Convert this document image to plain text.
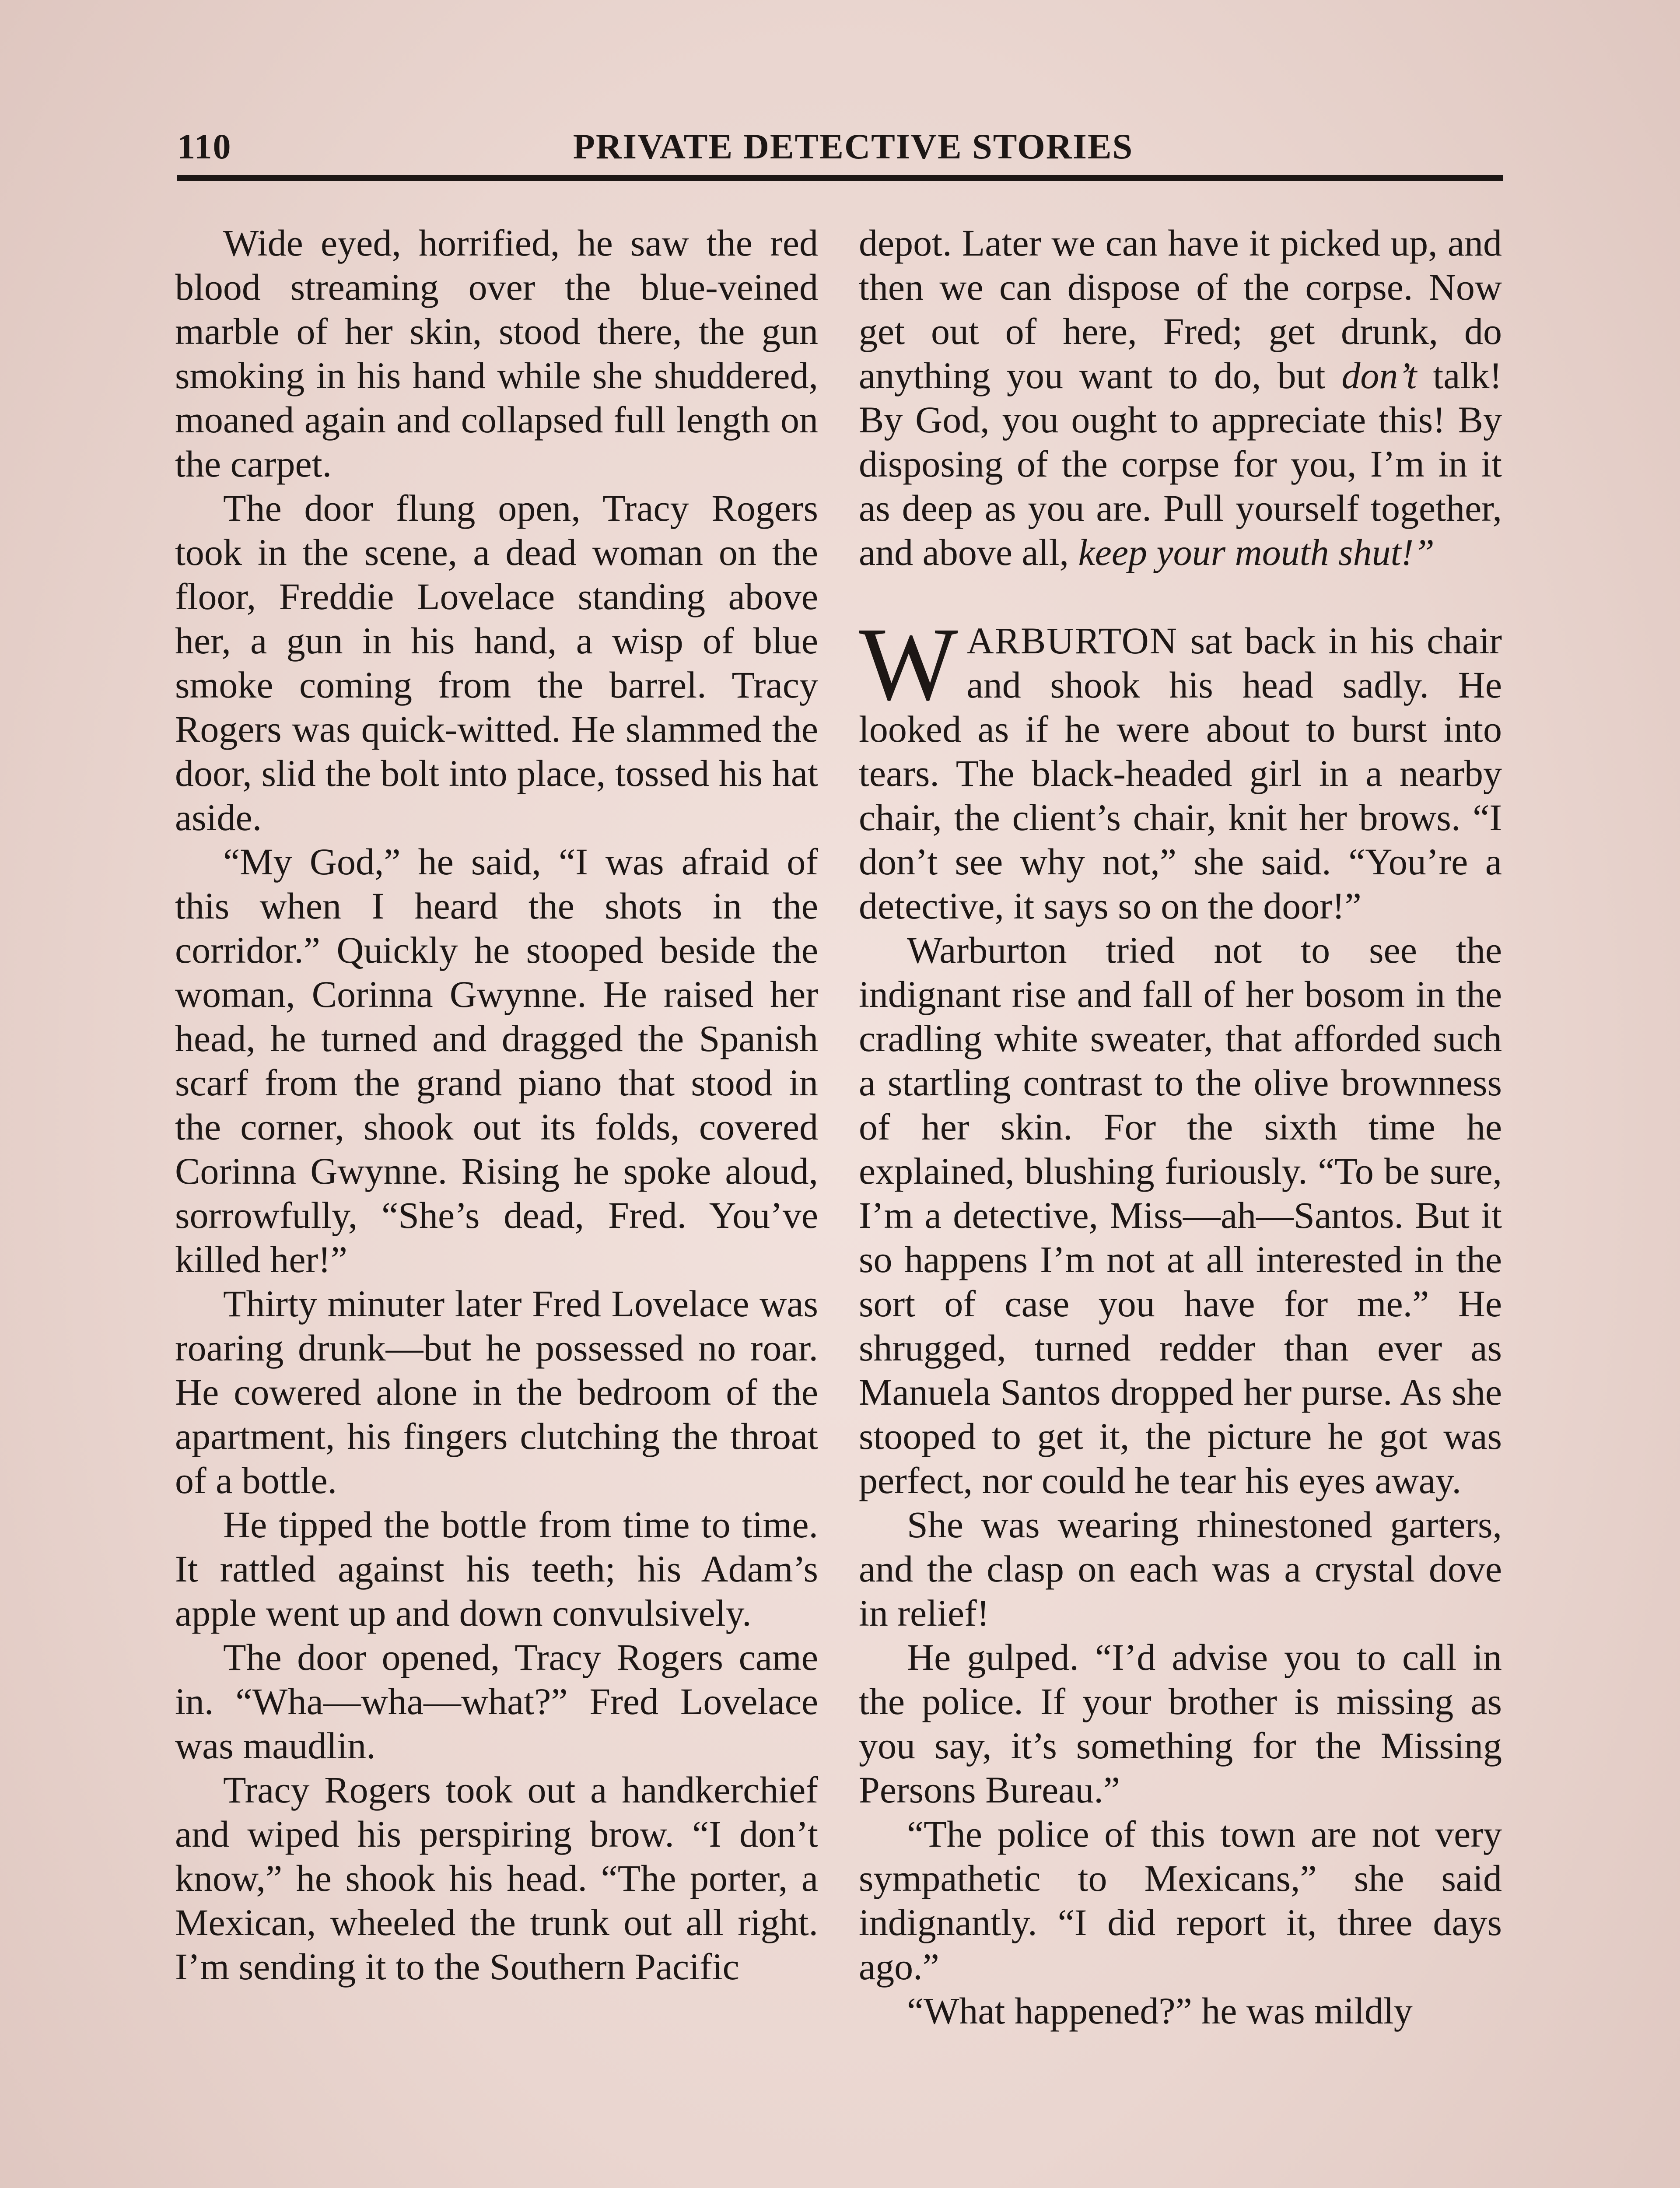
110	PRIVATE DETECTIVE STORIES

Wide eyed, horrified, he saw the red blood streaming over the blue-veined marble of her skin, stood there, the gun smoking in his hand while she shuddered, moaned again and collapsed full length on the carpet.

The door flung open, Tracy Rogers took in the scene, a dead woman on the floor, Freddie Lovelace standing above her, a gun in his hand, a wisp of blue smoke coming from the barrel. Tracy Rogers was quick-witted. He slammed the door, slid the bolt into place, tossed his hat aside.

“My God,” he said, “I was afraid of this when I heard the shots in the corridor.” Quickly he stooped beside the woman, Corinna Gwynne. He raised her head, he turned and dragged the Spanish scarf from the grand piano that stood in the corner, shook out its folds, covered Corinna Gwynne. Rising he spoke aloud, sorrowfully, “She’s dead, Fred. You’ve killed her!”

Thirty minuter later Fred Lovelace was roaring drunk—but he possessed no roar. He cowered alone in the bedroom of the apartment, his fingers clutching the throat of a bottle.

He tipped the bottle from time to time. It rattled against his teeth; his Adam’s apple went up and down convulsively.

The door opened, Tracy Rogers came in. “Wha—wha—what?” Fred Lovelace was maudlin.

Tracy Rogers took out a handkerchief and wiped his perspiring brow. “I don’t know,” he shook his head. “The porter, a Mexican, wheeled the trunk out all right. I’m sending it to the Southern Pacific

depot. Later we can have it picked up, and then we can dispose of the corpse. Now get out of here, Fred; get drunk, do anything you want to do, but don’t talk! By God, you ought to appreciate this! By disposing of the corpse for you, I’m in it as deep as you are. Pull yourself together, and above all, keep your mouth shut!”

WARBURTON sat back in his chair and shook his head sadly. He looked as if he were about to burst into tears. The black-headed girl in a nearby chair, the client’s chair, knit her brows. “I don’t see why not,” she said. “You’re a detective, it says so on the door!”

Warburton tried not to see the indignant rise and fall of her bosom in the cradling white sweater, that afforded such a startling contrast to the olive brownness of her skin. For the sixth time he explained, blushing furiously. “To be sure, I’m a detective, Miss—ah—Santos. But it so happens I’m not at all interested in the sort of case you have for me.” He shrugged, turned redder than ever as Manuela Santos dropped her purse. As she stooped to get it, the picture he got was perfect, nor could he tear his eyes away.

She was wearing rhinestoned garters, and the clasp on each was a crystal dove in relief!

He gulped. “I’d advise you to call in the police. If your brother is missing as you say, it’s something for the Missing Persons Bureau.”

“The police of this town are not very sympathetic to Mexicans,” she said indignantly. “I did report it, three days ago.”

“What happened?” he was mildly
